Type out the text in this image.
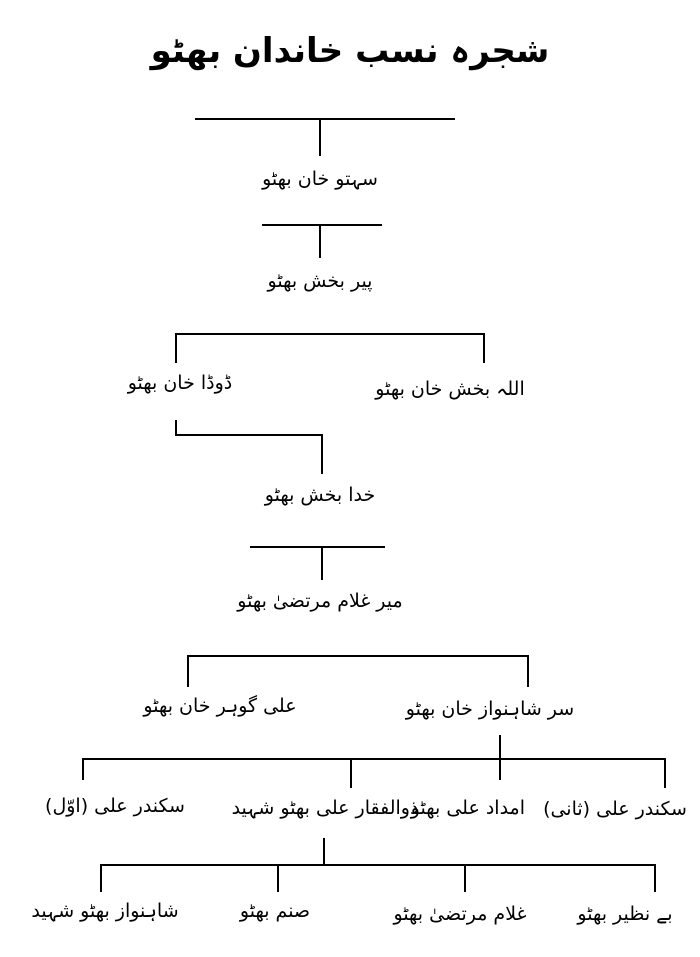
شجرہ نسب خاندان بھٹو
سہتو خان بھٹو
پیر بخش بھٹو
ڈوڈا خان بھٹو	اللہ بخش خان بھٹو
خدا بخش بھٹو
میر غلام مرتضیٰ بھٹو
علی گوہر خان بھٹو	سر شاہنواز خان بھٹو
سکندر علی (اوّل)	ذوالفقار علی بھٹو شہید
امداد علی بھٹو سکندر علی (ثانی)
شاہنواز بھٹو شہید	صنم بھٹو	غلام مرتضیٰ بھٹو	بے نظیر بھٹو
